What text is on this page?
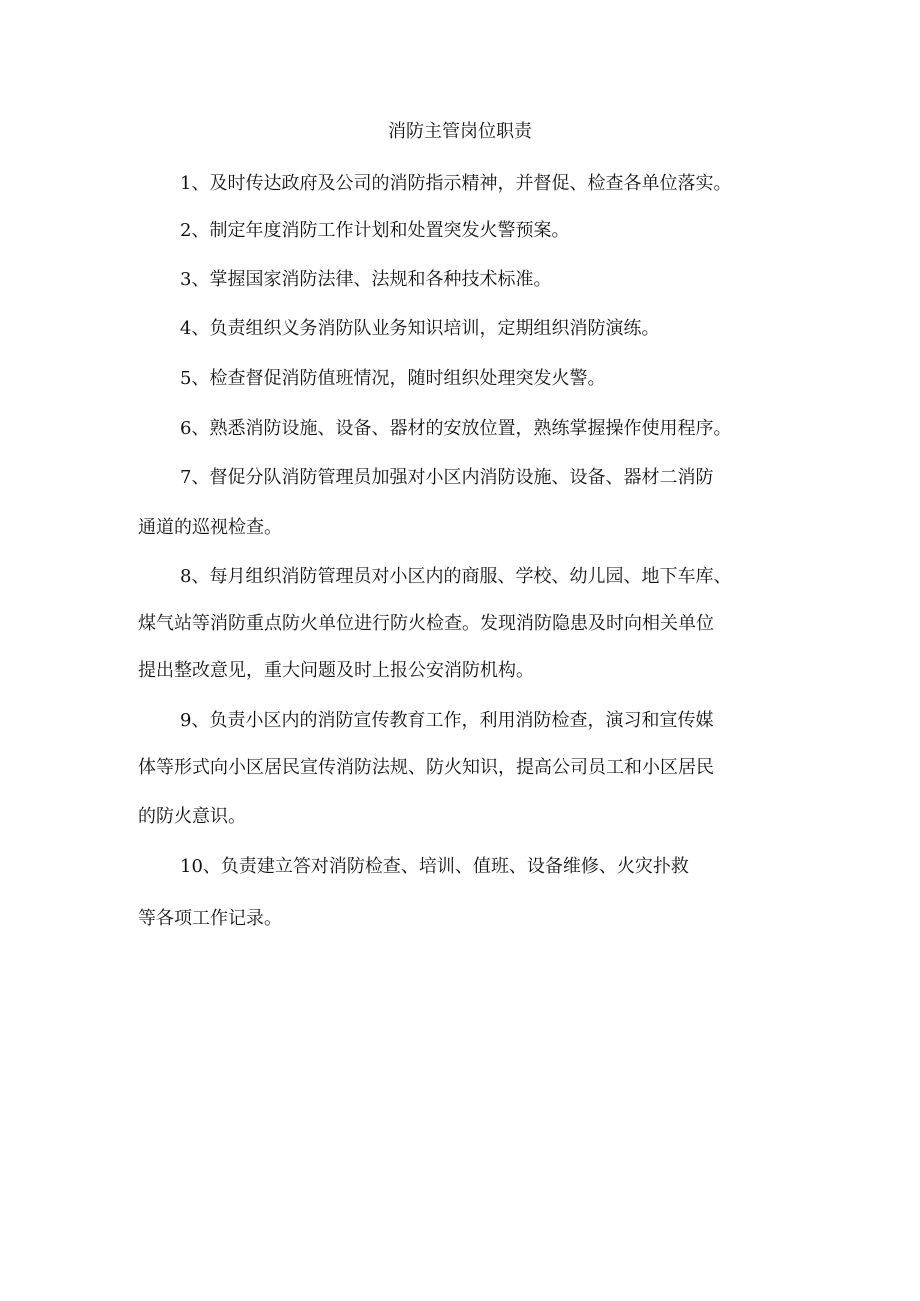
消防主管岗位职责
1、及时传达政府及公司的消防指示精神，并督促、检查各单位落实。
2、制定年度消防工作计划和处置突发火警预案。
3、掌握国家消防法律、法规和各种技术标准。
4、负责组织义务消防队业务知识培训，定期组织消防演练。
5、检查督促消防值班情况，随时组织处理突发火警。
6、熟悉消防设施、设备、器材的安放位置，熟练掌握操作使用程序。
7、督促分队消防管理员加强对小区内消防设施、设备、器材二消防
通道的巡视检查。
8、每月组织消防管理员对小区内的商服、学校、幼儿园、地下车库、
煤气站等消防重点防火单位进行防火检查。发现消防隐患及时向相关单位
提出整改意见，重大问题及时上报公安消防机构。
9、负责小区内的消防宣传教育工作，利用消防检查，演习和宣传媒
体等形式向小区居民宣传消防法规、防火知识，提高公司员工和小区居民
的防火意识。
10、负责建立答对消防检查、培训、值班、设备维修、火灾扑救
等各项工作记录。
